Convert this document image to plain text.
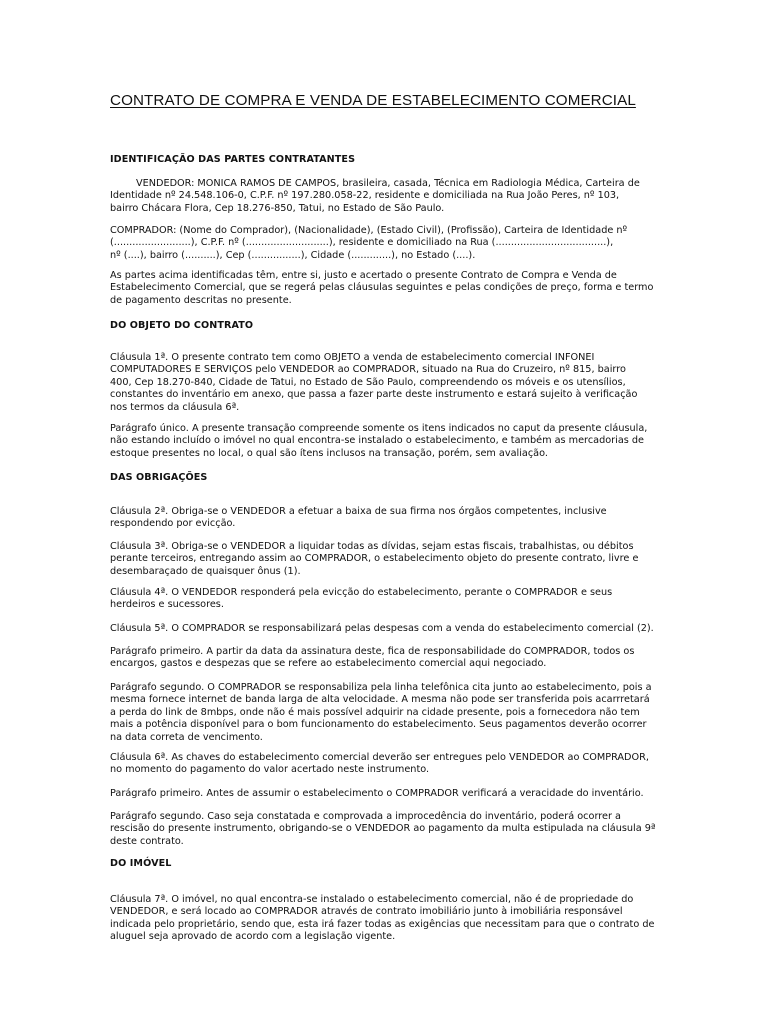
CONTRATO DE COMPRA E VENDA DE ESTABELECIMENTO COMERCIAL
IDENTIFICAÇÃO DAS PARTES CONTRATANTES
VENDEDOR: MONICA RAMOS DE CAMPOS, brasileira, casada, Técnica em Radiologia Médica, Carteira de
Identidade nº 24.548.106-0, C.P.F. nº 197.280.058-22, residente e domiciliada na Rua João Peres, nº 103,
bairro Chácara Flora, Cep 18.276-850, Tatui, no Estado de São Paulo.
COMPRADOR: (Nome do Comprador), (Nacionalidade), (Estado Civil), (Profissão), Carteira de Identidade nº
(.........................), C.P.F. nº (...........................), residente e domiciliado na Rua (....................................),
nº (....), bairro (..........), Cep (................), Cidade (.............), no Estado (....).
As partes acima identificadas têm, entre si, justo e acertado o presente Contrato de Compra e Venda de
Estabelecimento Comercial, que se regerá pelas cláusulas seguintes e pelas condições de preço, forma e termo
de pagamento descritas no presente.
DO OBJETO DO CONTRATO
Cláusula 1ª. O presente contrato tem como OBJETO a venda de estabelecimento comercial INFONEI
COMPUTADORES E SERVIÇOS pelo VENDEDOR ao COMPRADOR, situado na Rua do Cruzeiro, nº 815, bairro
400, Cep 18.270-840, Cidade de Tatui, no Estado de São Paulo, compreendendo os móveis e os utensílios,
constantes do inventário em anexo, que passa a fazer parte deste instrumento e estará sujeito à verificação
nos termos da cláusula 6ª.
Parágrafo único. A presente transação compreende somente os itens indicados no caput da presente cláusula,
não estando incluído o imóvel no qual encontra-se instalado o estabelecimento, e também as mercadorias de
estoque presentes no local, o qual são ítens inclusos na transação, porém, sem avaliação.
DAS OBRIGAÇÕES
Cláusula 2ª. Obriga-se o VENDEDOR a efetuar a baixa de sua firma nos órgãos competentes, inclusive
respondendo por evicção.
Cláusula 3ª. Obriga-se o VENDEDOR a liquidar todas as dívidas, sejam estas fiscais, trabalhistas, ou débitos
perante terceiros, entregando assim ao COMPRADOR, o estabelecimento objeto do presente contrato, livre e
desembaraçado de quaisquer ônus (1).
Cláusula 4ª. O VENDEDOR responderá pela evicção do estabelecimento, perante o COMPRADOR e seus
herdeiros e sucessores.
Cláusula 5ª. O COMPRADOR se responsabilizará pelas despesas com a venda do estabelecimento comercial (2).
Parágrafo primeiro. A partir da data da assinatura deste, fica de responsabilidade do COMPRADOR, todos os
encargos, gastos e despezas que se refere ao estabelecimento comercial aqui negociado.
Parágrafo segundo. O COMPRADOR se responsabiliza pela linha telefônica cita junto ao estabelecimento, pois a
mesma fornece internet de banda larga de alta velocidade. A mesma não pode ser transferida pois acarrretará
a perda do link de 8mbps, onde não é mais possível adquirir na cidade presente, pois a fornecedora não tem
mais a potência disponível para o bom funcionamento do estabelecimento. Seus pagamentos deverão ocorrer
na data correta de vencimento.
Cláusula 6ª. As chaves do estabelecimento comercial deverão ser entregues pelo VENDEDOR ao COMPRADOR,
no momento do pagamento do valor acertado neste instrumento.
Parágrafo primeiro. Antes de assumir o estabelecimento o COMPRADOR verificará a veracidade do inventário.
Parágrafo segundo. Caso seja constatada e comprovada a improcedência do inventário, poderá ocorrer a
rescisão do presente instrumento, obrigando-se o VENDEDOR ao pagamento da multa estipulada na cláusula 9ª
deste contrato.
DO IMÓVEL
Cláusula 7ª. O imóvel, no qual encontra-se instalado o estabelecimento comercial, não é de propriedade do
VENDEDOR, e será locado ao COMPRADOR através de contrato imobiliário junto à imobiliária responsável
indicada pelo proprietário, sendo que, esta irá fazer todas as exigências que necessitam para que o contrato de
aluguel seja aprovado de acordo com a legislação vigente.
